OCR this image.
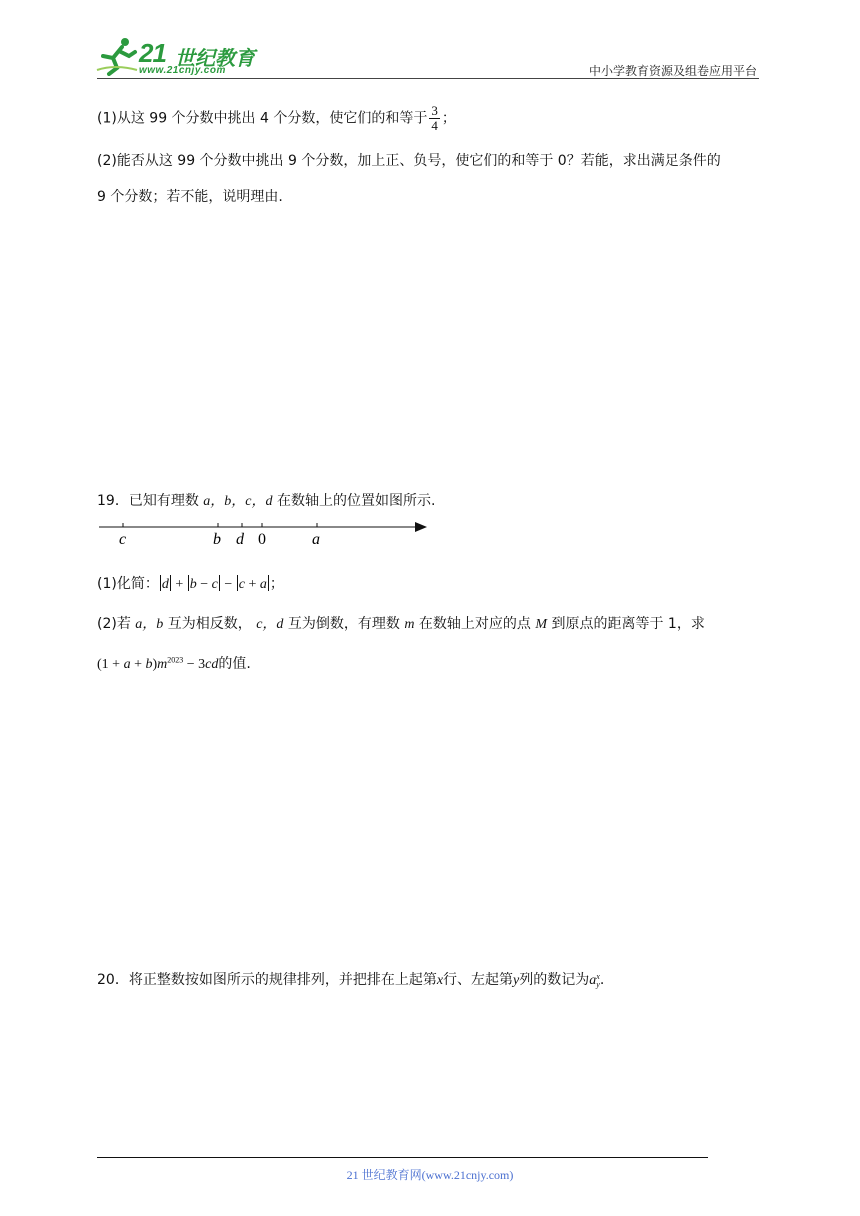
21 世纪教育
www.21cnjy.com	中小学教育资源及组卷应用平台
(1)从这 99 个分数中挑出 4 个分数，使它们的和等于 $\frac{3}{4}$ ；
(2)能否从这 99 个分数中挑出 9 个分数，加上正、负号，使它们的和等于 0？若能，求出满足条件的
9 个分数；若不能，说明理由.
19．已知有理数 a，b，c，d 在数轴上的位置如图所示.
c	b d 0	a
(1)化简： d + b − c − c + a ；
(2)若 a，b 互为相反数， c，d 互为倒数，有理数 m 在数轴上对应的点 M 到原点的距离等于 1，求
$(1 + a + b)m^{2023} - 3cd$的值.
20．将正整数按如图所示的规律排列，并把排在上起第x行、左起第y列的数记为a x
y .
21 世纪教育网(www.21cnjy.com)
